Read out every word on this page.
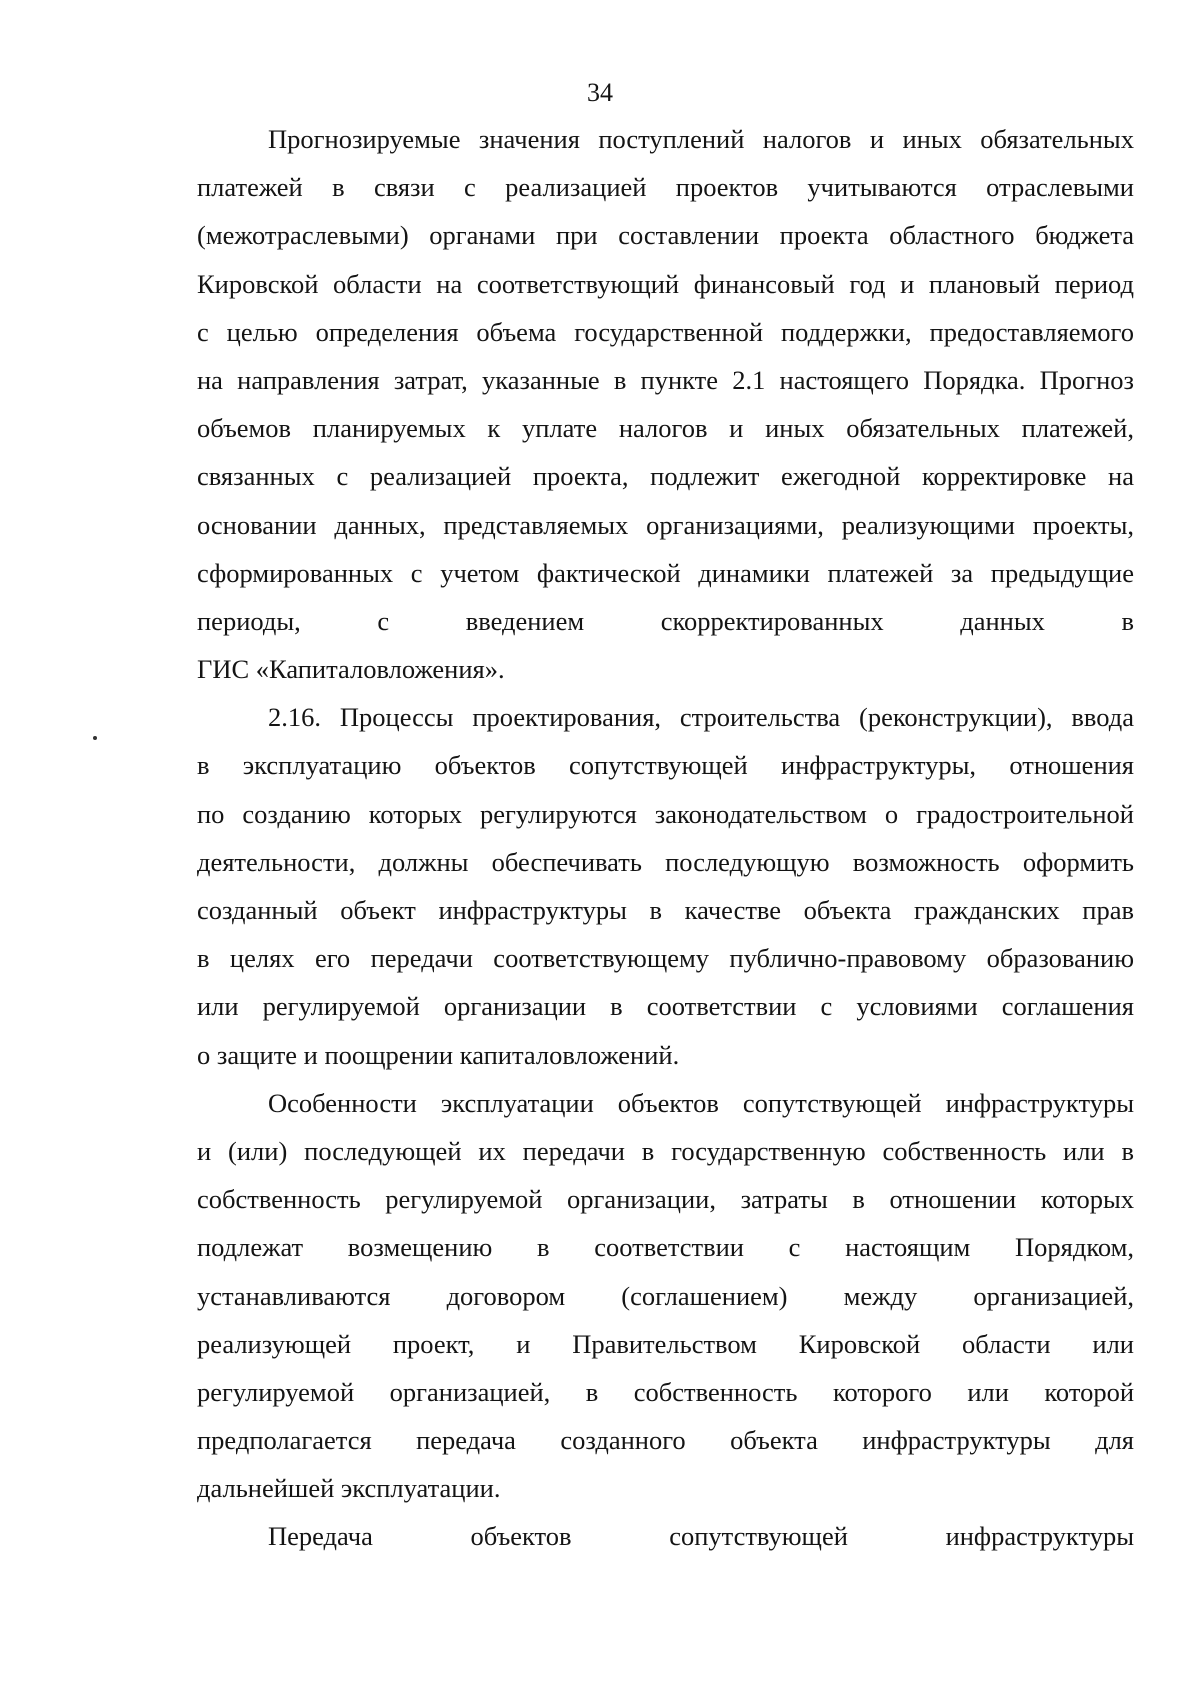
34
Прогнозируемые значения поступлений налогов и иных обязательных
платежей в связи с реализацией проектов учитываются отраслевыми
(межотраслевыми) органами при составлении проекта областного бюджета
Кировской области на соответствующий финансовый год и плановый период
с целью определения объема государственной поддержки, предоставляемого
на направления затрат, указанные в пункте 2.1 настоящего Порядка. Прогноз
объемов планируемых к уплате налогов и иных обязательных платежей,
связанных с реализацией проекта, подлежит ежегодной корректировке на
основании данных, представляемых организациями, реализующими проекты,
сформированных с учетом фактической динамики платежей за предыдущие
периоды, с введением скорректированных данных в
ГИС «Капиталовложения».
2.16. Процессы проектирования, строительства (реконструкции), ввода
в эксплуатацию объектов сопутствующей инфраструктуры, отношения
по созданию которых регулируются законодательством о градостроительной
деятельности, должны обеспечивать последующую возможность оформить
созданный объект инфраструктуры в качестве объекта гражданских прав
в целях его передачи соответствующему публично-правовому образованию
или регулируемой организации в соответствии с условиями соглашения
о защите и поощрении капиталовложений.
Особенности эксплуатации объектов сопутствующей инфраструктуры
и (или) последующей их передачи в государственную собственность или в
собственность регулируемой организации, затраты в отношении которых
подлежат возмещению в соответствии с настоящим Порядком,
устанавливаются договором (соглашением) между организацией,
реализующей проект, и Правительством Кировской области или
регулируемой организацией, в собственность которого или которой
предполагается передача созданного объекта инфраструктуры для
дальнейшей эксплуатации.
Передача объектов сопутствующей инфраструктуры
